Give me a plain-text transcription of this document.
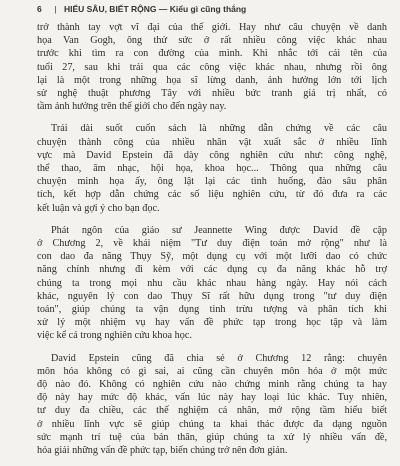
6 | HIỂU SÂU, BIẾT RỘNG — Kiểu gì cũng thắng
trở thành tay vợt vĩ đại của thế giới. Hay như câu chuyện về danh
họa Van Gogh, ông thử sức ở rất nhiều công việc khác nhau
trước khi tìm ra con đường của mình. Khi nhắc tới cái tên của
tuổi 27, sau khi trải qua các công việc khác nhau, nhưng rồi ông
lại là một trong những họa sĩ lừng danh, ảnh hưởng lớn tới lịch
sử nghệ thuật phương Tây với nhiều bức tranh giá trị nhất, có
tầm ảnh hưởng trên thế giới cho đến ngày nay.
Trải dài suốt cuốn sách là những dẫn chứng về các câu
chuyện thành công của nhiều nhân vật xuất sắc ở nhiều lĩnh
vực mà David Epstein đã dày công nghiên cứu như: công nghệ,
thể thao, âm nhạc, hội họa, khoa học... Thông qua những câu
chuyện minh họa ấy, ông lật lại các tình huống, đào sâu phân
tích, kết hợp dẫn chứng các số liệu nghiên cứu, từ đó đưa ra các
kết luận và gợi ý cho bạn đọc.
Phát ngôn của giáo sư Jeannette Wing được David đề cập
ở Chương 2, về khái niệm "Tư duy điện toán mở rộng" như là
con dao đa năng Thụy Sỹ, một dụng cụ với một lưỡi dao có chức
năng chính nhưng đi kèm với các dụng cụ đa năng khác hỗ trợ
chúng ta trong mọi nhu cầu khác nhau hàng ngày. Hay nói cách
khác, nguyên lý con dao Thụy Sĩ rất hữu dụng trong "tư duy điện
toán", giúp chúng ta vận dụng tinh trừu tượng và phân tích khi
xử lý một nhiệm vụ hay vấn đề phức tạp trong học tập và làm
việc kể cả trong nghiên cứu khoa học.
David Epstein cũng đã chia sẻ ở Chương 12 rằng: chuyên
môn hóa không có gì sai, ai cũng cần chuyên môn hóa ở một mức
độ nào đó. Không có nghiên cứu nào chứng minh rằng chúng ta hay
độ này hay mức độ khác, vấn lúc này hay loại lúc khác. Tuy nhiên,
tư duy đa chiều, các thế nghiệm cá nhân, mở rộng tầm hiểu biết
ở nhiều lĩnh vực sẽ giúp chúng ta khai thác được đa dạng nguồn
sức mạnh trí tuệ của bản thân, giúp chúng ta xử lý nhiều vấn đề,
hóa giải những vấn đề phức tạp, biến chúng trở nên đơn giản.
